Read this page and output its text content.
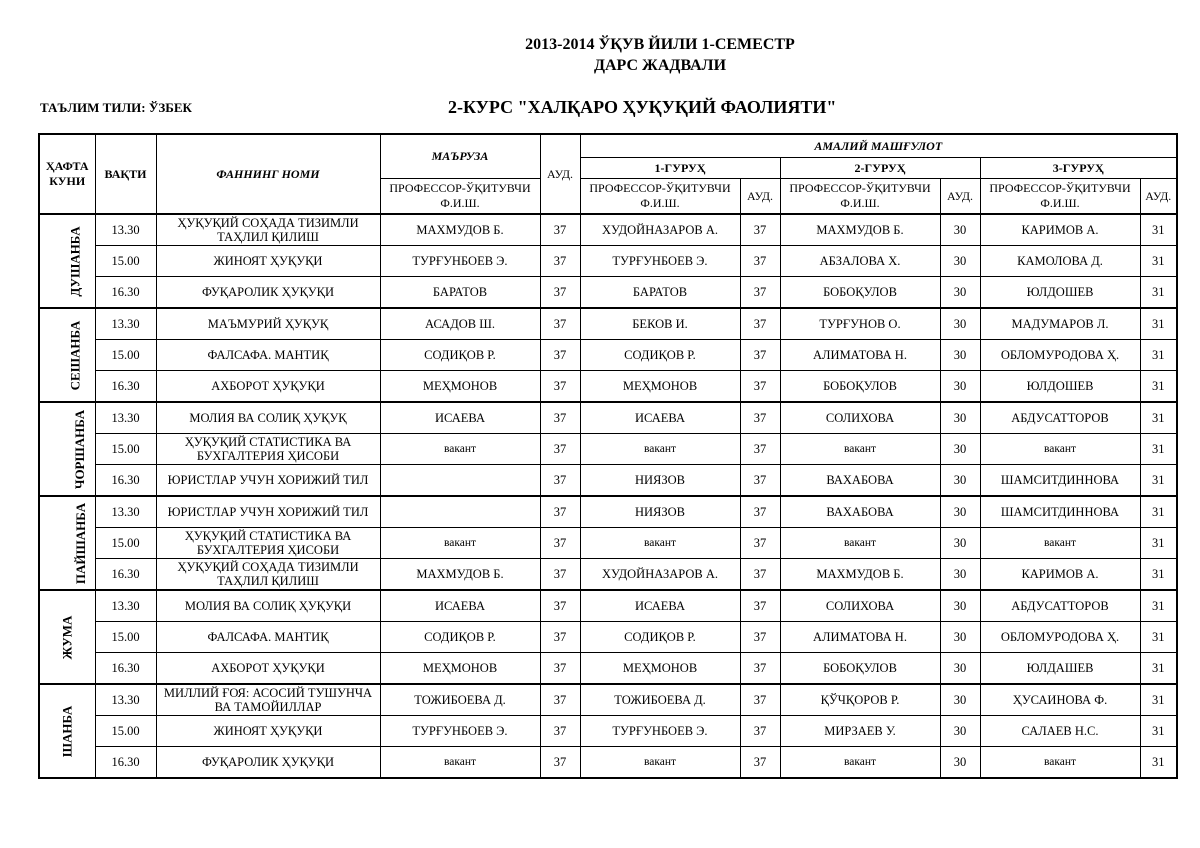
2013-2014 ЎҚУВ ЙИЛИ 1-СЕМЕСТР
ДАРС ЖАДВАЛИ
ТАЪЛИМ ТИЛИ: ЎЗБЕК	2-КУРС "ХАЛҚАРО ҲУҚУҚИЙ ФАОЛИЯТИ"
ҲАФТА КУНИ	ВАҚТИ	ФАННИНГ НОМИ	МАЪРУЗА	АУД.	АМАЛИЙ МАШҒУЛОТ					
					1-ГУРУҲ		2-ГУРУҲ		3-ГУРУҲ	
			ПРОФЕССОР-ЎҚИТУВЧИ Ф.И.Ш.		ПРОФЕССОР-ЎҚИТУВЧИ Ф.И.Ш.	АУД.	ПРОФЕССОР-ЎҚИТУВЧИ Ф.И.Ш.	АУД.	ПРОФЕССОР-ЎҚИТУВЧИ Ф.И.Ш.	АУД.
ДУШАНБА	13.30	ҲУҚУҚИЙ СОҲАДА ТИЗИМЛИ ТАҲЛИЛ ҚИЛИШ	МАХМУДОВ Б.	37	ХУДОЙНАЗАРОВ А.	37	МАХМУДОВ Б.	30	КАРИМОВ А.	31
	15.00	ЖИНОЯТ ҲУҚУҚИ	ТУРҒУНБОЕВ Э.	37	ТУРҒУНБОЕВ Э.	37	АБЗАЛОВА Х.	30	КАМОЛОВА Д.	31
	16.30	ФУҚАРОЛИК ҲУҚУҚИ	БАРАТОВ	37	БАРАТОВ	37	БОБОҚУЛОВ	30	ЮЛДОШЕВ	31
СЕШАНБА	13.30	МАЪМУРИЙ ҲУҚУҚ	АСАДОВ Ш.	37	БЕКОВ И.	37	ТУРҒУНОВ О.	30	МАДУМАРОВ Л.	31
	15.00	ФАЛСАФА. МАНТИҚ	СОДИҚОВ Р.	37	СОДИҚОВ Р.	37	АЛИМАТОВА Н.	30	ОБЛОМУРОДОВА Ҳ.	31
	16.30	АХБОРОТ ҲУҚУҚИ	МЕҲМОНОВ	37	МЕҲМОНОВ	37	БОБОҚУЛОВ	30	ЮЛДОШЕВ	31
ЧОРШАНБА	13.30	МОЛИЯ ВА СОЛИҚ ҲУҚУҚ	ИСАЕВА	37	ИСАЕВА	37	СОЛИХОВА	30	АБДУСАТТОРОВ	31
	15.00	ҲУҚУҚИЙ СТАТИСТИКА ВА БУХГАЛТЕРИЯ ҲИСОБИ	вакант	37	вакант	37	вакант	30	вакант	31
	16.30	ЮРИСТЛАР УЧУН ХОРИЖИЙ ТИЛ		37	НИЯЗОВ	37	ВАХАБОВА	30	ШАМСИТДИННОВА	31
ПАЙШАНБА	13.30	ЮРИСТЛАР УЧУН ХОРИЖИЙ ТИЛ		37	НИЯЗОВ	37	ВАХАБОВА	30	ШАМСИТДИННОВА	31
	15.00	ҲУҚУҚИЙ СТАТИСТИКА ВА БУХГАЛТЕРИЯ ҲИСОБИ	вакант	37	вакант	37	вакант	30	вакант	31
	16.30	ҲУҚУҚИЙ СОҲАДА ТИЗИМЛИ ТАҲЛИЛ ҚИЛИШ	МАХМУДОВ Б.	37	ХУДОЙНАЗАРОВ А.	37	МАХМУДОВ Б.	30	КАРИМОВ А.	31
ЖУМА	13.30	МОЛИЯ ВА СОЛИҚ ҲУҚУҚИ	ИСАЕВА	37	ИСАЕВА	37	СОЛИХОВА	30	АБДУСАТТОРОВ	31
	15.00	ФАЛСАФА. МАНТИҚ	СОДИҚОВ Р.	37	СОДИҚОВ Р.	37	АЛИМАТОВА Н.	30	ОБЛОМУРОДОВА Ҳ.	31
	16.30	АХБОРОТ ҲУҚУҚИ	МЕҲМОНОВ	37	МЕҲМОНОВ	37	БОБОҚУЛОВ	30	ЮЛДАШЕВ	31
ШАНБА	13.30	МИЛЛИЙ ҒОЯ: АСОСИЙ ТУШУНЧА ВА ТАМОЙИЛЛАР	ТОЖИБОЕВА Д.	37	ТОЖИБОЕВА Д.	37	ҚЎЧҚОРОВ Р.	30	ҲУСАИНОВА Ф.	31
	15.00	ЖИНОЯТ ҲУҚУҚИ	ТУРҒУНБОЕВ Э.	37	ТУРҒУНБОЕВ Э.	37	МИРЗАЕВ У.	30	САЛАЕВ Н.С.	31
	16.30	ФУҚАРОЛИК ҲУҚУҚИ	вакант	37	вакант	37	вакант	30	вакант	31
